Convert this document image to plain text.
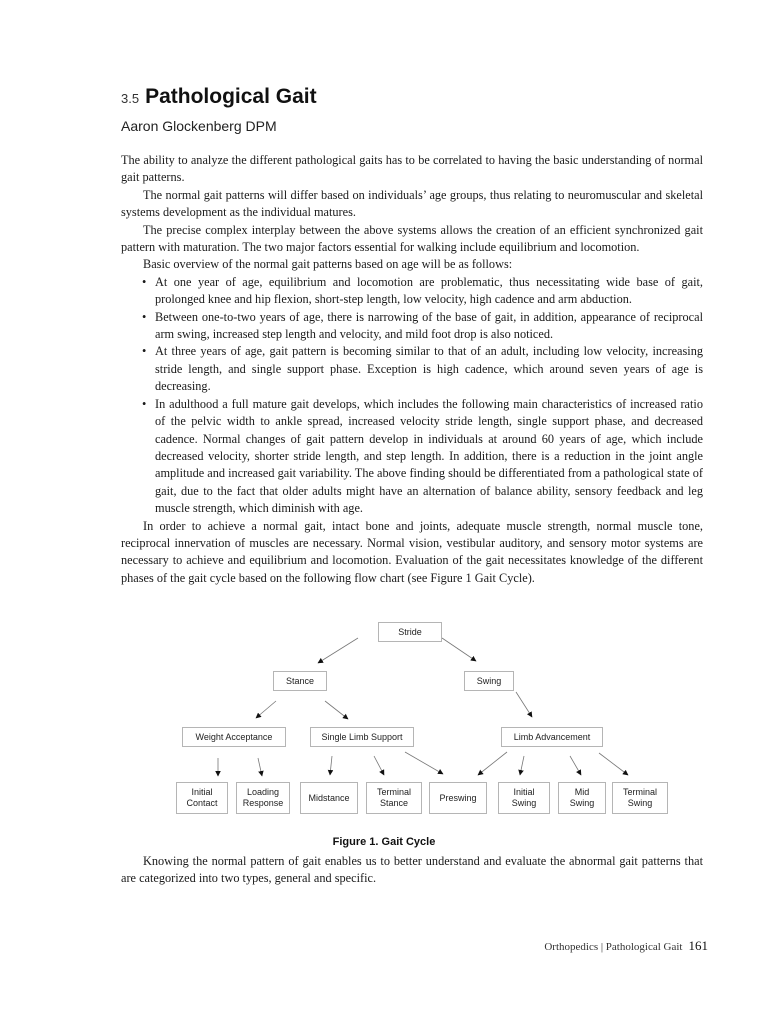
3.5 Pathological Gait
Aaron Glockenberg DPM

The ability to analyze the different pathological gaits has to be correlated to having the basic understanding of normal gait patterns.

The normal gait patterns will differ based on individuals’ age groups, thus relating to neuromuscular and skeletal systems development as the individual matures.

The precise complex interplay between the above systems allows the creation of an efficient synchronized gait pattern with maturation. The two major factors essential for walking include equilibrium and locomotion.

Basic overview of the normal gait patterns based on age will be as follows:

• At one year of age, equilibrium and locomotion are problematic, thus necessitating wide base of gait, prolonged knee and hip flexion, short-step length, low velocity, high cadence and arm abduction.
• Between one-to-two years of age, there is narrowing of the base of gait, in addition, appearance of reciprocal arm swing, increased step length and velocity, and mild foot drop is also noticed.
• At three years of age, gait pattern is becoming similar to that of an adult, including low velocity, increasing stride length, and single support phase. Exception is high cadence, which around seven years of age is decreasing.
• In adulthood a full mature gait develops, which includes the following main characteristics of increased ratio of the pelvic width to ankle spread, increased velocity stride length, single support phase, and decreased cadence. Normal changes of gait pattern develop in individuals at around 60 years of age, which include decreased velocity, shorter stride length, and step length. In addition, there is a reduction in the joint angle amplitude and increased gait variability. The above finding should be differentiated from a pathological state of gait, due to the fact that older adults might have an alternation of balance ability, sensory feedback and leg muscle strength, which diminish with age.

In order to achieve a normal gait, intact bone and joints, adequate muscle strength, normal muscle tone, reciprocal innervation of muscles are necessary. Normal vision, vestibular auditory, and sensory motor systems are necessary to achieve and equilibrium and locomotion. Evaluation of the gait necessitates knowledge of the different phases of the gait cycle based on the following flow chart (see Figure 1 Gait Cycle).

Stride
Stance	Swing
Weight Acceptance	Single Limb Support	Limb Advancement
Initial
Contact
Loading
Response
Midstance
Terminal
Stance
Preswing
Initial
Swing
Mid
Swing
Terminal
Swing
Figure 1. Gait Cycle

Knowing the normal pattern of gait enables us to better understand and evaluate the abnormal gait patterns that are categorized into two types, general and specific.

Orthopedics | Pathological Gait 161
